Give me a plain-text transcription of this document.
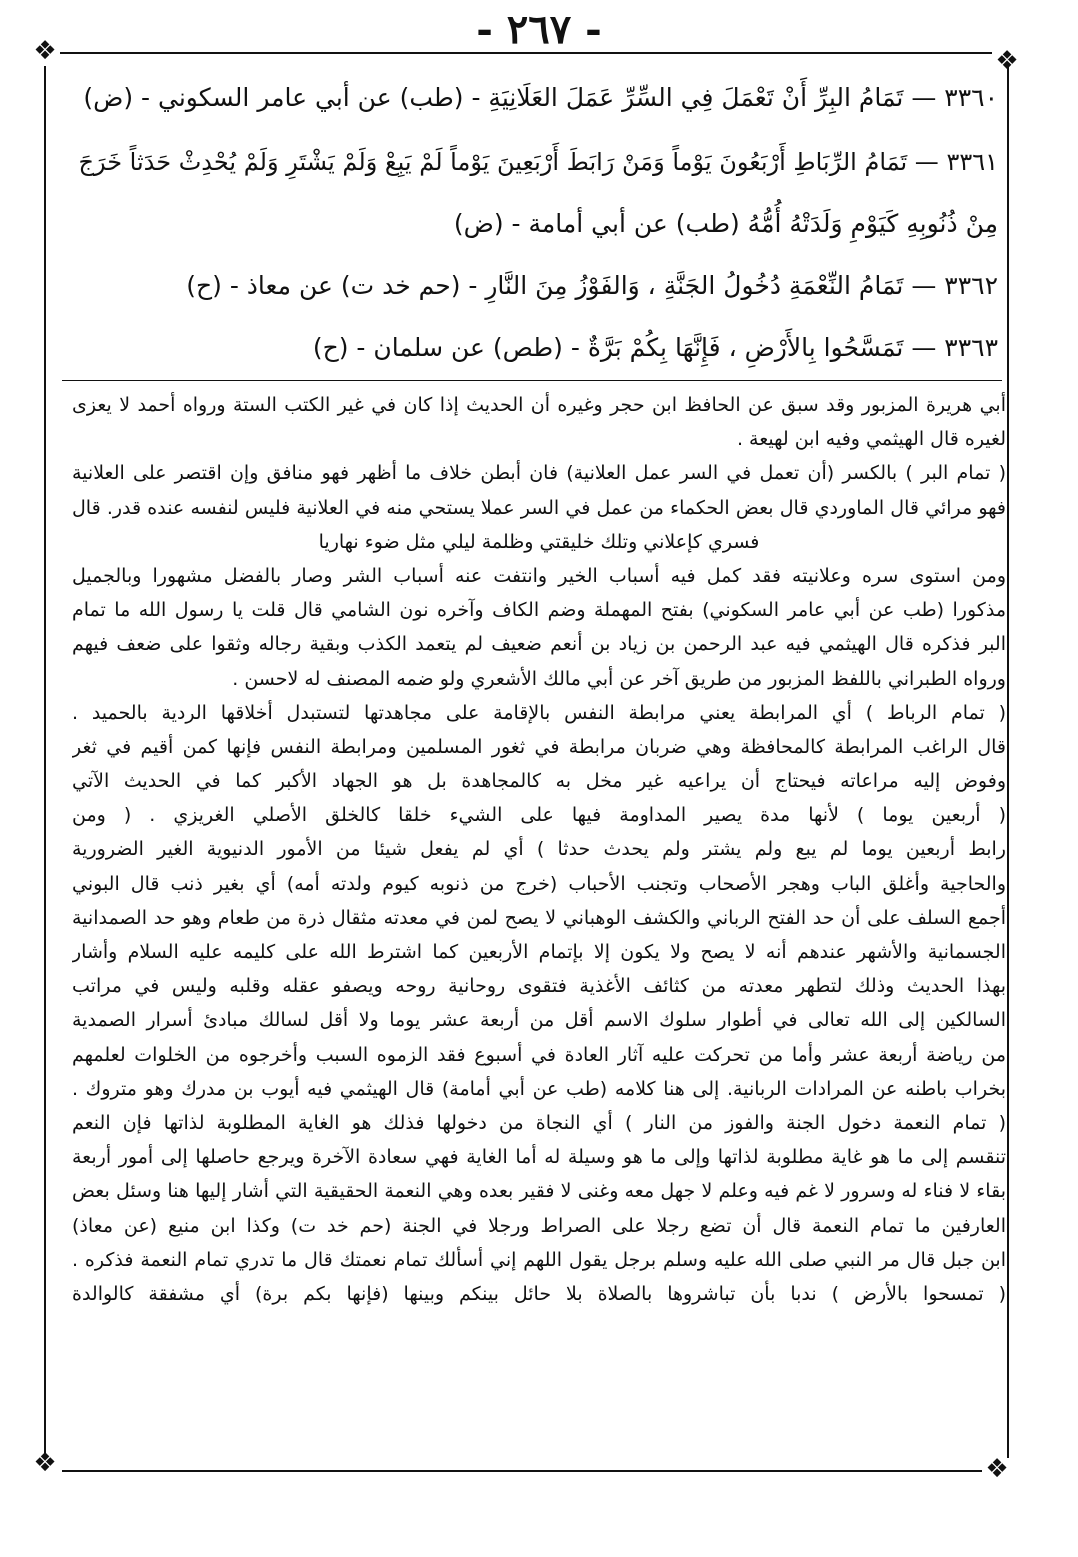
❖	❖
❖	❖
- ٢٦٧ -
٣٣٦٠ — تَمَامُ البِرِّ أَنْ تَعْمَلَ فِي السِّرِّ عَمَلَ العَلَانِيَةِ - (طب) عن أبي عامر السكوني - (ض)
٣٣٦١ — تَمَامُ الرِّبَاطِ أَرْبَعُونَ يَوْماً وَمَنْ رَابَطَ أَرْبَعِينَ يَوْماً لَمْ يَبِعْ وَلَمْ يَشْتَرِ وَلَمْ يُحْدِثْ حَدَثاً خَرَجَ
مِنْ ذُنُوبِهِ كَيَوْمِ وَلَدَتْهُ أُمُّهُ (طب) عن أبي أمامة - (ض)
٣٣٦٢ — تَمَامُ النِّعْمَةِ دُخُولُ الجَنَّةِ ، وَالفَوْزُ مِنَ النَّارِ - (حم خد ت) عن معاذ - (ح)
٣٣٦٣ — تَمَسَّحُوا بِالأَرْضِ ، فَإِنَّهَا بِكُمْ بَرَّةٌ - (طص) عن سلمان - (ح)
أبي هريرة المزبور وقد سبق عن الحافظ ابن حجر وغيره أن الحديث إذا كان في غير الكتب الستة ورواه أحمد لا يعزى
لغيره قال الهيثمي وفيه ابن لهيعة .
( تمام البر ) بالكسر (أن تعمل في السر عمل العلانية) فان أبطن خلاف ما أظهر فهو منافق وإن اقتصر على العلانية
فهو مرائي قال الماوردي قال بعض الحكماء من عمل في السر عملا يستحي منه في العلانية فليس لنفسه عنده قدر. قال
فسري كإعلاني وتلك خليقتي وظلمة ليلي مثل ضوء نهاريا
ومن استوى سره وعلانيته فقد كمل فيه أسباب الخير وانتفت عنه أسباب الشر وصار بالفضل مشهورا وبالجميل
مذكورا (طب عن أبي عامر السكوني) بفتح المهملة وضم الكاف وآخره نون الشامي قال قلت يا رسول الله ما تمام
البر فذكره قال الهيثمي فيه عبد الرحمن بن زياد بن أنعم ضعيف لم يتعمد الكذب وبقية رجاله وثقوا على ضعف فيهم
ورواه الطبراني باللفظ المزبور من طريق آخر عن أبي مالك الأشعري ولو ضمه المصنف له لاحسن .
( تمام الرباط ) أي المرابطة يعني مرابطة النفس بالإقامة على مجاهدتها لتستبدل أخلاقها الردية بالحميد .
قال الراغب المرابطة كالمحافظة وهي ضربان مرابطة في ثغور المسلمين ومرابطة النفس فإنها كمن أقيم في ثغر
وفوض إليه مراعاته فيحتاج أن يراعيه غير مخل به كالمجاهدة بل هو الجهاد الأكبر كما في الحديث الآتي
( أربعين يوما ) لأنها مدة يصير المداومة فيها على الشيء خلقا كالخلق الأصلي الغريزي . ( ومن
رابط أربعين يوما لم يبع ولم يشتر ولم يحدث حدثا ) أي لم يفعل شيئا من الأمور الدنيوية الغير الضرورية
والحاجية وأغلق الباب وهجر الأصحاب وتجنب الأحباب (خرج من ذنوبه كيوم ولدته أمه) أي بغير ذنب قال البوني
أجمع السلف على أن حد الفتح الرباني والكشف الوهباني لا يصح لمن في معدته مثقال ذرة من طعام وهو حد الصمدانية
الجسمانية والأشهر عندهم أنه لا يصح ولا يكون إلا بإتمام الأربعين كما اشترط الله على كليمه عليه السلام وأشار
بهذا الحديث وذلك لتطهر معدته من كثائف الأغذية فتقوى روحانية روحه ويصفو عقله وقلبه وليس في مراتب
السالكين إلى الله تعالى في أطوار سلوك الاسم أقل من أربعة عشر يوما ولا أقل لسالك مبادئ أسرار الصمدية
من رياضة أربعة عشر وأما من تحركت عليه آثار العادة في أسبوع فقد الزموه السبب وأخرجوه من الخلوات لعلمهم
بخراب باطنه عن المرادات الربانية. إلى هنا كلامه (طب عن أبي أمامة) قال الهيثمي فيه أيوب بن مدرك وهو متروك .
( تمام النعمة دخول الجنة والفوز من النار ) أي النجاة من دخولها فذلك هو الغاية المطلوبة لذاتها فإن النعم
تنقسم إلى ما هو غاية مطلوبة لذاتها وإلى ما هو وسيلة له أما الغاية فهي سعادة الآخرة ويرجع حاصلها إلى أمور أربعة
بقاء لا فناء له وسرور لا غم فيه وعلم لا جهل معه وغنى لا فقير بعده وهي النعمة الحقيقية التي أشار إليها هنا وسئل بعض
العارفين ما تمام النعمة قال أن تضع رجلا على الصراط ورجلا في الجنة (حم خد ت) وكذا ابن منيع (عن معاذ)
ابن جبل قال مر النبي صلى الله عليه وسلم برجل يقول اللهم إني أسألك تمام نعمتك قال ما تدري تمام النعمة فذكره .
( تمسحوا بالأرض ) ندبا بأن تباشروها بالصلاة بلا حائل بينكم وبينها (فإنها بكم برة) أي مشفقة كالوالدة
